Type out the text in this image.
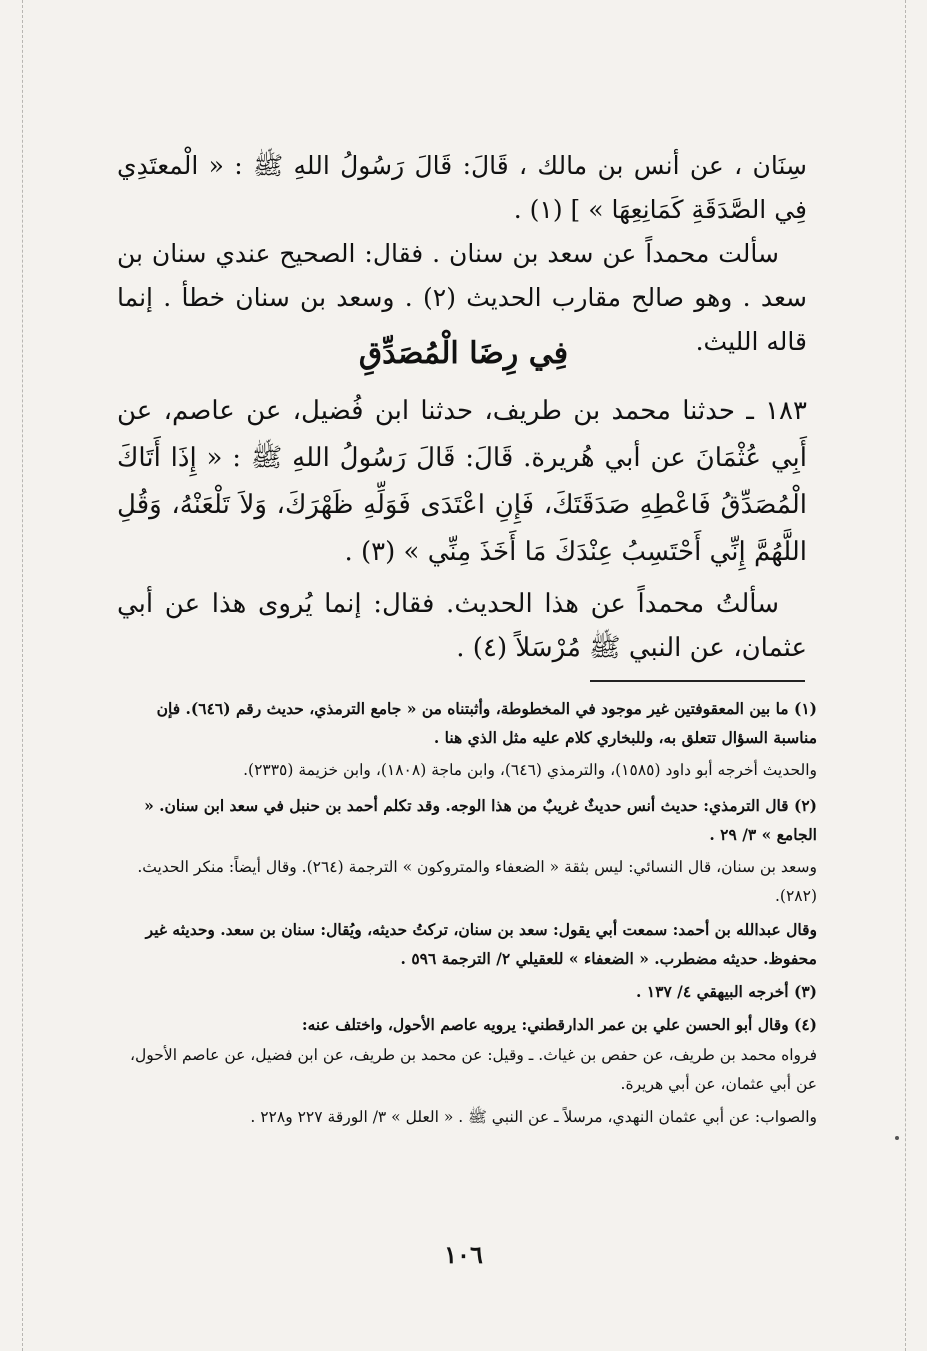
سِنَان ، عن أنس بن مالك ، قَالَ: قَالَ رَسُولُ اللهِ ﷺ : « الْمعتَدِي فِي الصَّدَقَةِ كَمَانِعِهَا » ] (١) .

سألت محمداً عن سعد بن سنان . فقال: الصحيح عندي سنان بن سعد . وهو صالح مقارب الحديث (٢) . وسعد بن سنان خطأ . إنما قاله الليث.

فِي رِضَا الْمُصَدِّقِ

١٨٣ ـ حدثنا محمد بن طريف، حدثنا ابن فُضيل، عن عاصم، عن أَبِي عُثْمَانَ عن أبي هُريرة. قَالَ: قَالَ رَسُولُ اللهِ ﷺ : « إِذَا أَتَاكَ الْمُصَدِّقُ فَاعْطِهِ صَدَقَتَكَ، فَإِنِ اعْتَدَى فَوَلِّهِ ظَهْرَكَ، وَلاَ تَلْعَنْهُ، وَقُلِ اللَّهُمَّ إِنِّي أَحْتَسِبُ عِنْدَكَ مَا أَخَذَ مِنِّي » (٣) .

سألتُ محمداً عن هذا الحديث. فقال: إنما يُروى هذا عن أبي عثمان، عن النبي ﷺ مُرْسَلاً (٤) .

(١) ما بين المعقوفتين غير موجود في المخطوطة، وأثبتناه من « جامع الترمذي، حديث رقم (٦٤٦). فإن مناسبة السؤال تتعلق به، وللبخاري كلام عليه مثل الذي هنا .

والحديث أخرجه أبو داود (١٥٨٥)، والترمذي (٦٤٦)، وابن ماجة (١٨٠٨)، وابن خزيمة (٢٣٣٥).

(٢) قال الترمذي: حديث أنس حديثٌ غريبٌ من هذا الوجه. وقد تكلم أحمد بن حنبل في سعد ابن سنان. « الجامع » ٣/ ٢٩ .

وسعد بن سنان، قال النسائي: ليس بثقة « الضعفاء والمتروكون » الترجمة (٢٦٤). وقال أيضاً: منكر الحديث. (٢٨٢).

وقال عبدالله بن أحمد: سمعت أبي يقول: سعد بن سنان، تركتُ حديثه، ويُقال: سنان بن سعد. وحديثه غير محفوظ. حديثه مضطرب. « الضعفاء » للعقيلي ٢/ الترجمة ٥٩٦ .

(٣) أخرجه البيهقي ٤/ ١٣٧ .

(٤) وقال أبو الحسن علي بن عمر الدارقطني: يرويه عاصم الأحول، واختلف عنه:

فرواه محمد بن طريف، عن حفص بن غياث. ـ وقيل: عن محمد بن طريف، عن ابن فضيل، عن عاصم الأحول، عن أبي عثمان، عن أبي هريرة.

والصواب: عن أبي عثمان النهدي، مرسلاً ـ عن النبي ﷺ . « العلل » ٣/ الورقة ٢٢٧ و٢٢٨ .

١٠٦
